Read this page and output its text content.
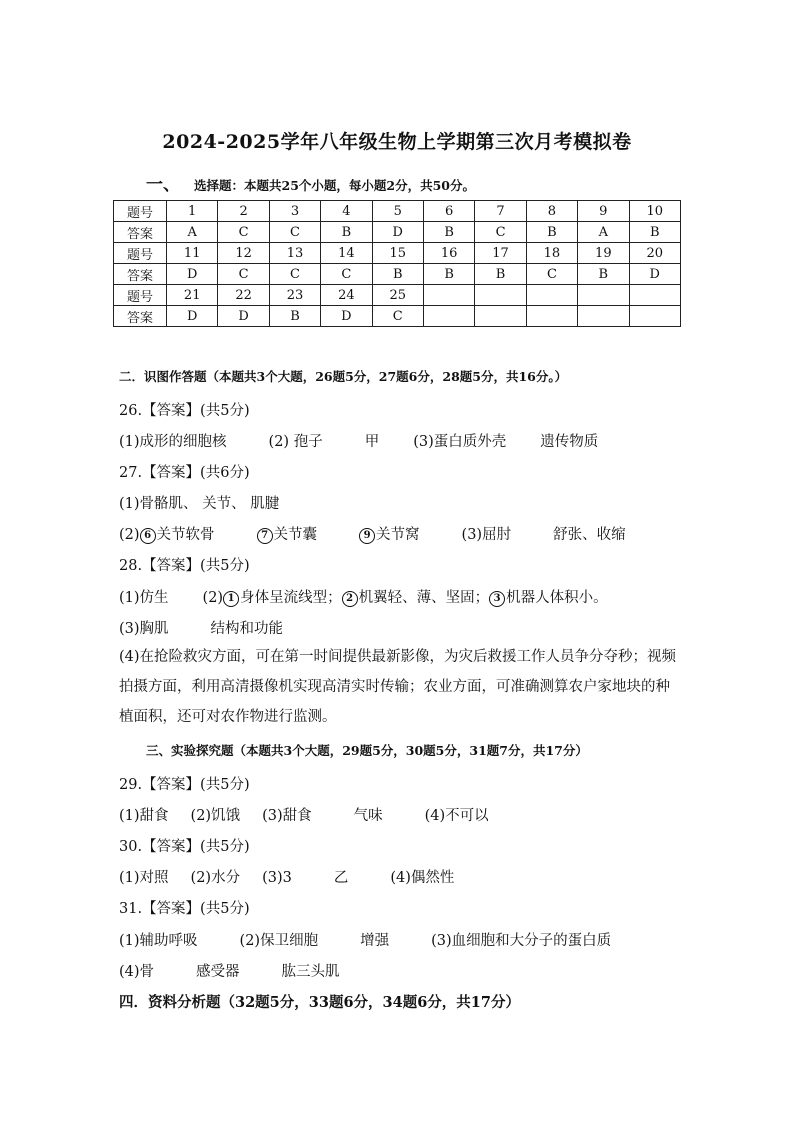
2024-2025学年八年级生物上学期第三次月考模拟卷
一、 选择题：本题共25个小题，每小题2分，共50分。
题号	1	2	3	4	5	6	7	8	9	10
答案	A	C	C	B	D	B	C	B	A	B
题号	11	12	13	14	15	16	17	18	19	20
答案	D	C	C	C	B	B	B	C	B	D
题号	21	22	23	24	25					
答案	D	D	B	D	C					
二．识图作答题（本题共3个大题，26题5分，27题6分，28题5分，共16分。）
26.【答案】(共5分)
(1)成形的细胞核	(2) 孢子	甲 (3)蛋白质外壳 遗传物质
27.【答案】(共6分)
(1)骨骼肌、 关节、 肌腱
(2) 6 关节软骨	7 关节囊	9 关节窝	(3)屈肘	舒张、收缩
28.【答案】(共5分)
(1)仿生 (2) 1 身体呈流线型； 2 机翼轻、薄、坚固； 3 机器人体积小。
(3)胸肌	结构和功能
(4)在抢险救灾方面，可在第一时间提供最新影像，为灾后救援工作人员争分夺秒；视频拍摄方面，利用高清摄像机实现高清实时传输；农业方面，可准确测算农户家地块的种植面积，还可对农作物进行监测。
三、实验探究题（本题共3个大题，29题5分，30题5分，31题7分，共17分）
29.【答案】(共5分)
(1)甜食 (2)饥饿 (3)甜食	气味	(4)不可以
30.【答案】(共5分)
(1)对照 (2)水分 (3)3	乙	(4)偶然性
31.【答案】(共5分)
(1)辅助呼吸	(2)保卫细胞	增强	(3)血细胞和大分子的蛋白质
(4)骨	感受器	肱三头肌
四．资料分析题（32题5分，33题6分，34题6分，共17分）
